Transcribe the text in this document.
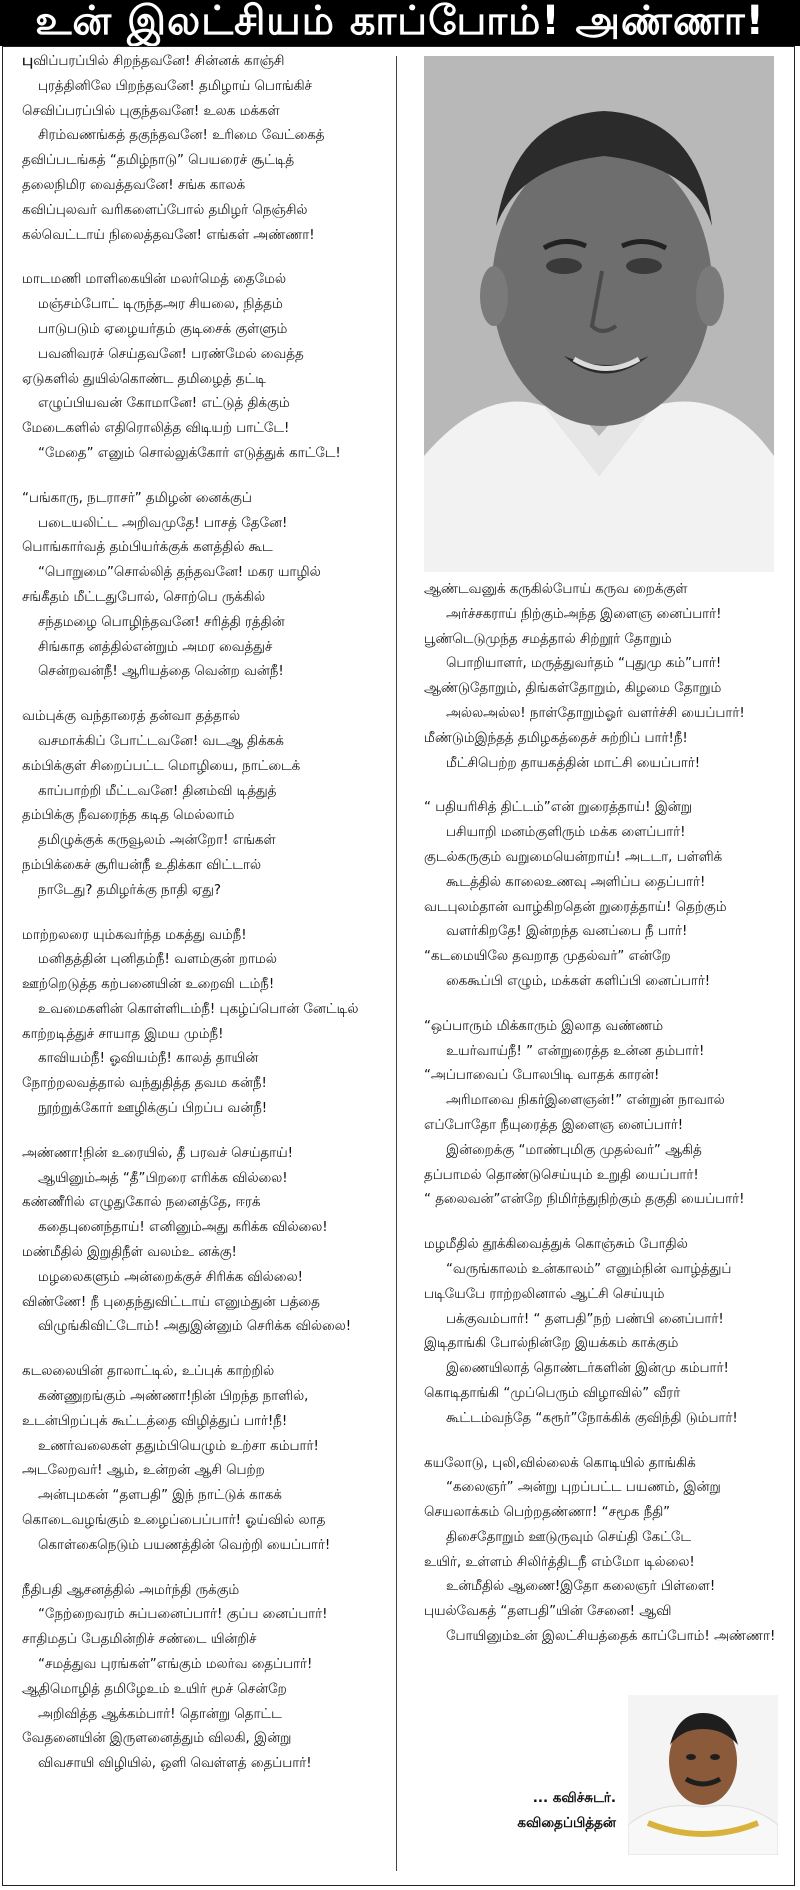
உன் இலட்சியம் காப்போம்! அண்ணா!
புவிப்பரப்பில் சிறந்தவனே! சின்னக் காஞ்சி
புரத்தினிலே பிறந்தவனே! தமிழாய் பொங்கிச்
செவிப்பரப்பில் புகுந்தவனே! உலக மக்கள்
சிரம்வணங்கத் தகுந்தவனே! உரிமை வேட்கைத்
தவிப்படங்கத் “தமிழ்நாடு” பெயரைச் சூட்டித்
தலைநிமிர வைத்தவனே! சங்க காலக்
கவிப்புலவர் வரிகளைப்போல் தமிழர் நெஞ்சில்
கல்வெட்டாய் நிலைத்தவனே! எங்கள் அண்ணா!
மாடமணி மாளிகையின் மலர்மெத் தைமேல்
மஞ்சம்போட் டிருந்தஅர சியலை, நித்தம்
பாடுபடும் ஏழையர்தம் குடிசைக் குள்ளும்
பவனிவரச் செய்தவனே! பரண்மேல் வைத்த
ஏடுகளில் துயில்கொண்ட தமிழைத் தட்டி
எழுப்பியவன் கோமானே! எட்டுத் திக்கும்
மேடைகளில் எதிரொலித்த விடியற் பாட்டே!
“மேதை” எனும் சொல்லுக்கோர் எடுத்துக் காட்டே!
“பங்காரு, நடராசர்” தமிழன் னைக்குப்
படையலிட்ட அறிவமுதே! பாசத் தேனே!
பொங்கார்வத் தம்பியர்க்குக் களத்தில் கூட
“பொறுமை”சொல்லித் தந்தவனே! மகர யாழில்
சங்கீதம் மீட்டதுபோல், சொற்பெ ருக்கில்
சந்தமழை பொழிந்தவனே! சரித்தி ரத்தின்
சிங்காத னத்தில்என்றும் அமர வைத்துச்
சென்றவன்நீ! ஆரியத்தை வென்ற வன்நீ!
வம்புக்கு வந்தாரைத் தன்வா தத்தால்
வசமாக்கிப் போட்டவனே! வடஆ திக்கக்
கம்பிக்குள் சிறைப்பட்ட மொழியை, நாட்டைக்
காப்பாற்றி மீட்டவனே! தினம்வி டித்துத்
தம்பிக்கு நீவரைந்த கடித மெல்லாம்
தமிழுக்குக் கருவூலம் அன்றோ! எங்கள்
நம்பிக்கைச் சூரியன்நீ உதிக்கா விட்டால்
நாடேது? தமிழர்க்கு நாதி ஏது?
மாற்றலரை யும்கவர்ந்த மகத்து வம்நீ!
மனிதத்தின் புனிதம்நீ! வளம்குன் றாமல்
ஊற்றெடுத்த கற்பனையின் உறைவி டம்நீ!
உவமைகளின் கொள்ளிடம்நீ! புகழ்ப்பொன் னேட்டில்
காற்றடித்துச் சாயாத இமய மும்நீ!
காவியம்நீ! ஓவியம்நீ! காலத் தாயின்
நோற்றலவத்தால் வந்துதித்த தவம கன்நீ!
நூற்றுக்கோர் ஊழிக்குப் பிறப்ப வன்நீ!
அண்ணா!நின் உரையில், தீ பரவச் செய்தாய்!
ஆயினும்அத் “தீ”பிறரை எரிக்க வில்லை!
கண்ணீரில் எழுதுகோல் நனைத்தே, ஈரக்
கதைபுனைந்தாய்! எனினும்அது கரிக்க வில்லை!
மண்மீதில் இறுதிநீள் வலம்உ னக்கு!
மழலைகளும் அன்றைக்குச் சிரிக்க வில்லை!
விண்ணே! நீ புதைந்துவிட்டாய் எனும்துன் பத்தை
விழுங்கிவிட்டோம்! அதுஇன்னும் செரிக்க வில்லை!
கடலலையின் தாலாட்டில், உப்புக் காற்றில்
கண்ணுறங்கும் அண்ணா!நின் பிறந்த நாளில்,
உடன்பிறப்புக் கூட்டத்தை விழித்துப் பார்!நீ!
உணர்வலைகள் ததும்பியெழும் உற்சா கம்பார்!
அடலேறவர்! ஆம், உன்றன் ஆசி பெற்ற
அன்புமகன் “தளபதி” இந் நாட்டுக் காகக்
கொடைவழங்கும் உழைப்பைப்பார்! ஓய்வில் லாத
கொள்கைநெடும் பயணத்தின் வெற்றி யைப்பார்!
நீதிபதி ஆசனத்தில் அமர்ந்தி ருக்கும்
“நேற்றைவரம் சுப்பனைப்பார்! குப்ப னைப்பார்!
சாதிமதப் பேதமின்றிச் சண்டை யின்றிச்
“சமத்துவ புரங்கள்”எங்கும் மலர்வ தைப்பார்!
ஆதிமொழித் தமிழேஉம் உயிர் மூச் சென்றே
அறிவித்த ஆக்கம்பார்! தொன்று தொட்ட
வேதனையின் இருளனைத்தும் விலகி, இன்று
விவசாயி விழியில், ஒளி வெள்ளத் தைப்பார்!
ஆண்டவனுக் கருகில்போய் கருவ றைக்குள்
அர்ச்சகராய் நிற்கும்அந்த இளைஞ னைப்பார்!
பூண்டெடுமுந்த சமத்தால் சிற்றூர் தோறும்
பொறியாளர், மருத்துவர்தம் “புதுமு கம்”பார்!
ஆண்டுதோறும், திங்கள்தோறும், கிழமை தோறும்
அல்லஅல்ல! நாள்தோறும்ஓர் வளர்ச்சி யைப்பார்!
மீண்டும்இந்தத் தமிழகத்தைச் சுற்றிப் பார்!நீ!
மீட்சிபெற்ற தாயகத்தின் மாட்சி யைப்பார்!
“ பதியரிசித் திட்டம்”என் றுரைத்தாய்! இன்று
பசியாறி மனம்குளிரும் மக்க ளைப்பார்!
குடல்கருகும் வறுமையென்றாய்! அடடா, பள்ளிக்
கூடத்தில் காலைஉணவு அளிப்ப தைப்பார்!
வடபுலம்தான் வாழ்கிறதென் றுரைத்தாய்! தெற்கும்
வளர்கிறதே! இன்றந்த வனப்பை நீ பார்!
“கடமையிலே தவறாத முதல்வர்” என்றே
கைகூப்பி எழும், மக்கள் களிப்பி னைப்பார்!
“ஒப்பாரும் மிக்காரும் இலாத வண்ணம்
உயர்வாய்நீ! ” என்றுரைத்த உன்ன தம்பார்!
“அப்பாவைப் போலபிடி வாதக் காரன்!
அரிமாவை நிகர்இளைஞன்!” என்றுன் நாவால்
எப்போதோ நீயுரைத்த இளைஞ னைப்பார்!
இன்றைக்கு “மாண்புமிகு முதல்வர்” ஆகித்
தப்பாமல் தொண்டுசெய்யும் உறுதி யைப்பார்!
“ தலைவன்”என்றே நிமிர்ந்துநிற்கும் தகுதி யைப்பார்!
மழமீதில் தூக்கிவைத்துக் கொஞ்சும் போதில்
“வருங்காலம் உன்காலம்” எனும்நின் வாழ்த்துப்
படியேபே ராற்றலினால் ஆட்சி செய்யும்
பக்குவம்பார்! “ தளபதி”நற் பண்பி னைப்பார்!
இடிதாங்கி போல்நின்றே இயக்கம் காக்கும்
இணையிலாத் தொண்டர்களின் இன்மு கம்பார்!
கொடிதாங்கி “முப்பெரும் விழாவில்” வீரர்
கூட்டம்வந்தே “கரூர்”நோக்கிக் குவிந்தி டும்பார்!
கயலோடு, புலி,வில்லைக் கொடியில் தாங்கிக்
“கலைஞர்” அன்று புறப்பட்ட பயணம், இன்று
செயலாக்கம் பெற்றதண்ணா! “சமூக நீதி”
திசைதோறும் ஊடுருவும் செய்தி கேட்டே
உயிர், உள்ளம் சிலிர்த்திடநீ எம்மோ டில்லை!
உன்மீதில் ஆணை!இதோ கலைஞர் பிள்ளை!
புயல்வேகத் “தளபதி”யின் சேனை! ஆவி
போயினும்உன் இலட்சியத்தைக் காப்போம்! அண்ணா!
... கவிச்சுடர்.
கவிதைப்பித்தன்
